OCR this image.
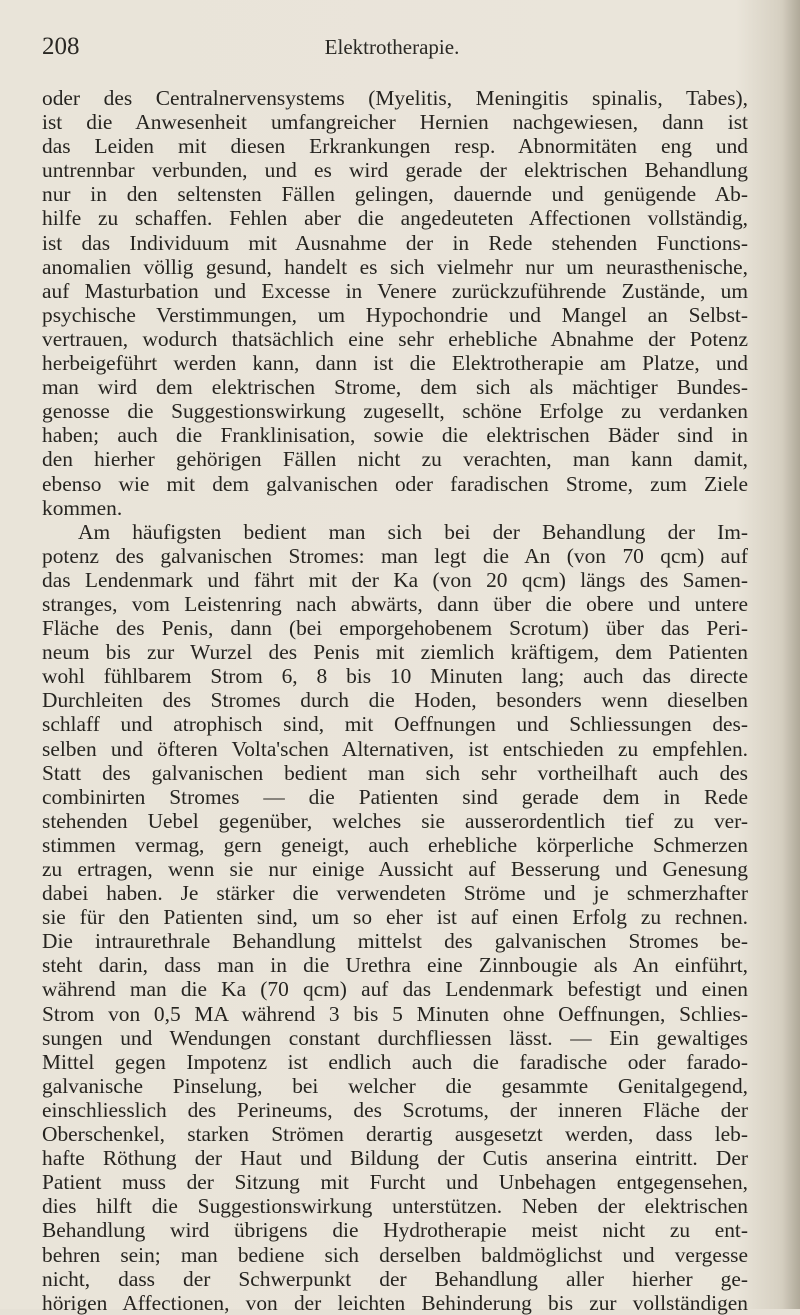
208	Elektrotherapie.
oder des Centralnervensystems (Myelitis, Meningitis spinalis, Tabes),
ist die Anwesenheit umfangreicher Hernien nachgewiesen, dann ist
das Leiden mit diesen Erkrankungen resp. Abnormitäten eng und
untrennbar verbunden, und es wird gerade der elektrischen Behandlung
nur in den seltensten Fällen gelingen, dauernde und genügende Ab-
hilfe zu schaffen. Fehlen aber die angedeuteten Affectionen vollständig,
ist das Individuum mit Ausnahme der in Rede stehenden Functions-
anomalien völlig gesund, handelt es sich vielmehr nur um neurasthenische,
auf Masturbation und Excesse in Venere zurückzuführende Zustände, um
psychische Verstimmungen, um Hypochondrie und Mangel an Selbst-
vertrauen, wodurch thatsächlich eine sehr erhebliche Abnahme der Potenz
herbeigeführt werden kann, dann ist die Elektrotherapie am Platze, und
man wird dem elektrischen Strome, dem sich als mächtiger Bundes-
genosse die Suggestionswirkung zugesellt, schöne Erfolge zu verdanken
haben; auch die Franklinisation, sowie die elektrischen Bäder sind in
den hierher gehörigen Fällen nicht zu verachten, man kann damit,
ebenso wie mit dem galvanischen oder faradischen Strome, zum Ziele
kommen.
Am häufigsten bedient man sich bei der Behandlung der Im-
potenz des galvanischen Stromes: man legt die An (von 70 qcm) auf
das Lendenmark und fährt mit der Ka (von 20 qcm) längs des Samen-
stranges, vom Leistenring nach abwärts, dann über die obere und untere
Fläche des Penis, dann (bei emporgehobenem Scrotum) über das Peri-
neum bis zur Wurzel des Penis mit ziemlich kräftigem, dem Patienten
wohl fühlbarem Strom 6, 8 bis 10 Minuten lang; auch das directe
Durchleiten des Stromes durch die Hoden, besonders wenn dieselben
schlaff und atrophisch sind, mit Oeffnungen und Schliessungen des-
selben und öfteren Volta'schen Alternativen, ist entschieden zu empfehlen.
Statt des galvanischen bedient man sich sehr vortheilhaft auch des
combinirten Stromes — die Patienten sind gerade dem in Rede
stehenden Uebel gegenüber, welches sie ausserordentlich tief zu ver-
stimmen vermag, gern geneigt, auch erhebliche körperliche Schmerzen
zu ertragen, wenn sie nur einige Aussicht auf Besserung und Genesung
dabei haben. Je stärker die verwendeten Ströme und je schmerzhafter
sie für den Patienten sind, um so eher ist auf einen Erfolg zu rechnen.
Die intraurethrale Behandlung mittelst des galvanischen Stromes be-
steht darin, dass man in die Urethra eine Zinnbougie als An einführt,
während man die Ka (70 qcm) auf das Lendenmark befestigt und einen
Strom von 0,5 MA während 3 bis 5 Minuten ohne Oeffnungen, Schlies-
sungen und Wendungen constant durchfliessen lässt. — Ein gewaltiges
Mittel gegen Impotenz ist endlich auch die faradische oder farado-
galvanische Pinselung, bei welcher die gesammte Genitalgegend,
einschliesslich des Perineums, des Scrotums, der inneren Fläche der
Oberschenkel, starken Strömen derartig ausgesetzt werden, dass leb-
hafte Röthung der Haut und Bildung der Cutis anserina eintritt. Der
Patient muss der Sitzung mit Furcht und Unbehagen entgegensehen,
dies hilft die Suggestionswirkung unterstützen. Neben der elektrischen
Behandlung wird übrigens die Hydrotherapie meist nicht zu ent-
behren sein; man bediene sich derselben baldmöglichst und vergesse
nicht, dass der Schwerpunkt der Behandlung aller hierher ge-
hörigen Affectionen, von der leichten Behinderung bis zur vollständigen
